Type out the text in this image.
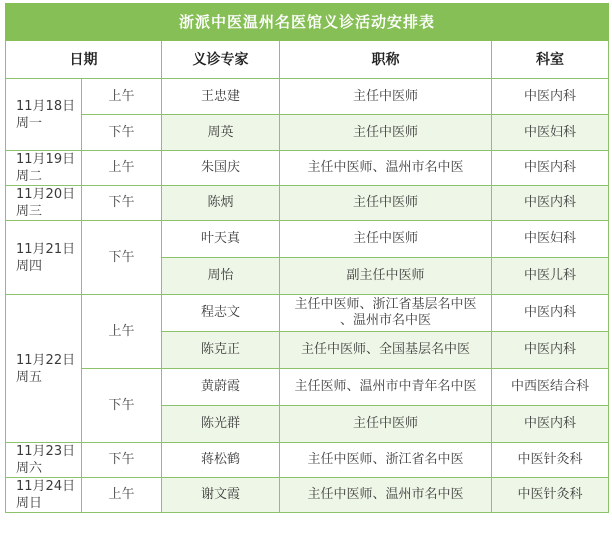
浙派中医温州名医馆义诊活动安排表				
日期		义诊专家	职称	科室
11月18日
周一	上午	王忠建	主任中医师	中医内科
	下午	周英	主任中医师	中医妇科
11月19日
周二	上午	朱国庆	主任中医师、温州市名中医	中医内科
11月20日
周三	下午	陈炳	主任中医师	中医内科
11月21日
周四	下午	叶天真	主任中医师	中医妇科
		周怡	副主任中医师	中医儿科
11月22日
周五	上午	程志文	主任中医师、浙江省基层名中医
、温州市名中医	中医内科
		陈克正	主任中医师、全国基层名中医	中医内科
	下午	黄蔚霞	主任医师、温州市中青年名中医	中西医结合科
		陈光群	主任中医师	中医内科
11月23日
周六	下午	蒋松鹤	主任中医师、浙江省名中医	中医针灸科
11月24日
周日	上午	谢文霞	主任中医师、温州市名中医	中医针灸科
